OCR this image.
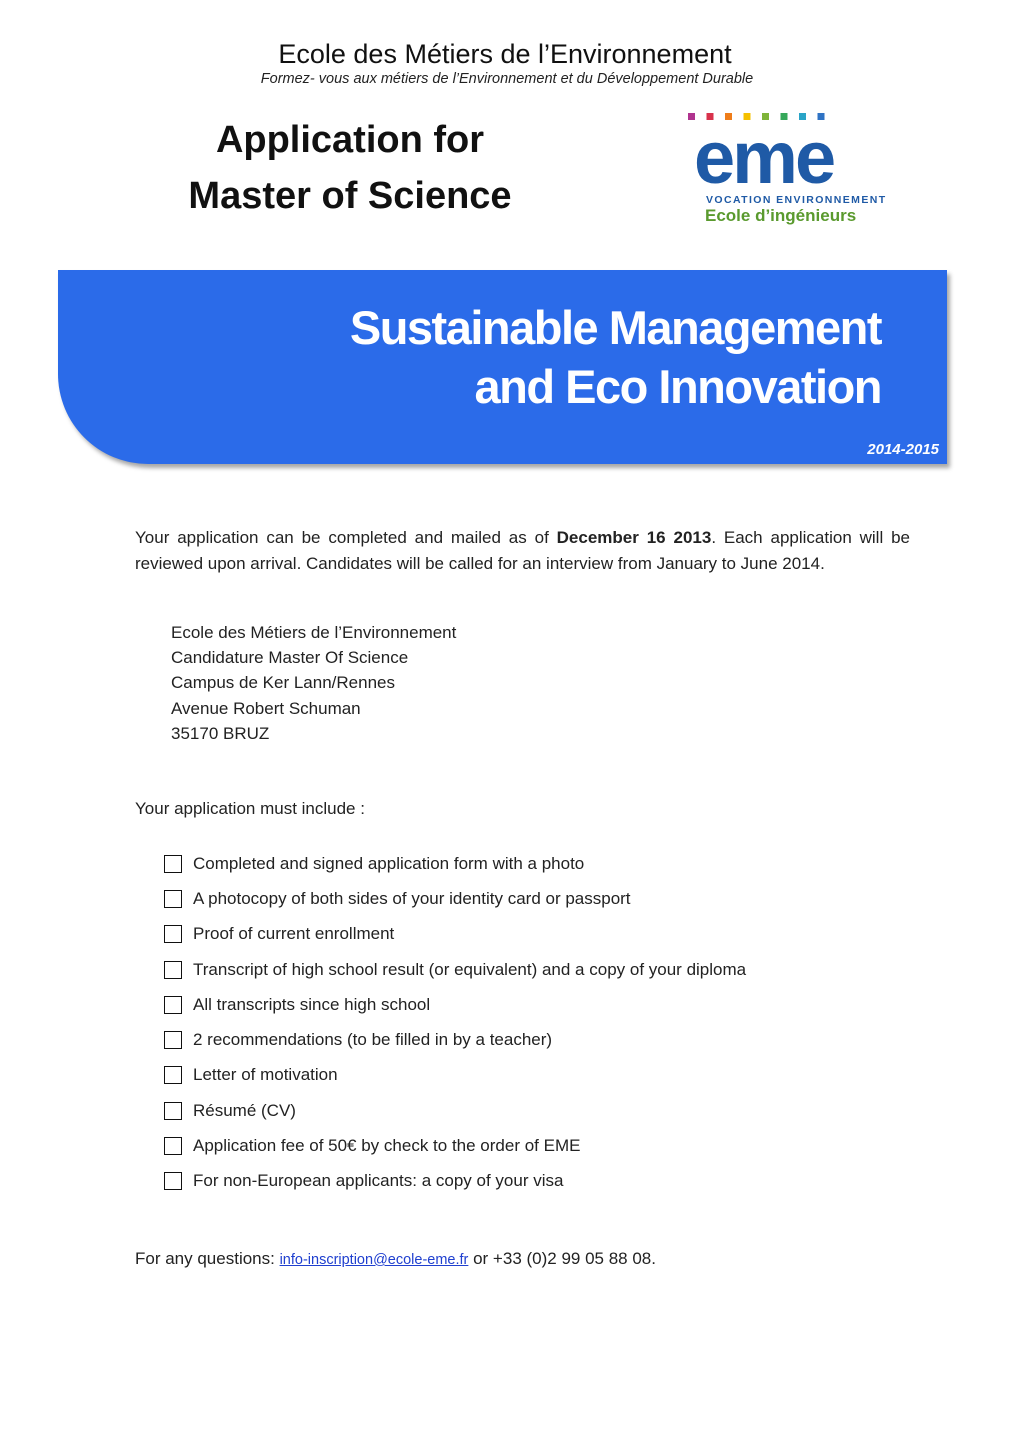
Ecole des Métiers de l’Environnement
Formez- vous aux métiers de l’Environnement et du Développement Durable
Application for
Master of Science	eme
VOCATION ENVIRONNEMENT
Ecole d’ingénieurs
Sustainable Management
and Eco Innovation
2014-2015
Your application can be completed and mailed as of December 16 2013. Each application will be reviewed upon arrival. Candidates will be called for an interview from January to June 2014.
Ecole des Métiers de l’Environnement
Candidature Master Of Science
Campus de Ker Lann/Rennes
Avenue Robert Schuman
35170 BRUZ
Your application must include :
Completed and signed application form with a photo
A photocopy of both sides of your identity card or passport
Proof of current enrollment
Transcript of high school result (or equivalent) and a copy of your diploma
All transcripts since high school
2 recommendations (to be filled in by a teacher)
Letter of motivation
Résumé (CV)
Application fee of 50€ by check to the order of EME
For non-European applicants: a copy of your visa
For any questions: info-inscription@ecole-eme.fr or +33 (0)2 99 05 88 08.
